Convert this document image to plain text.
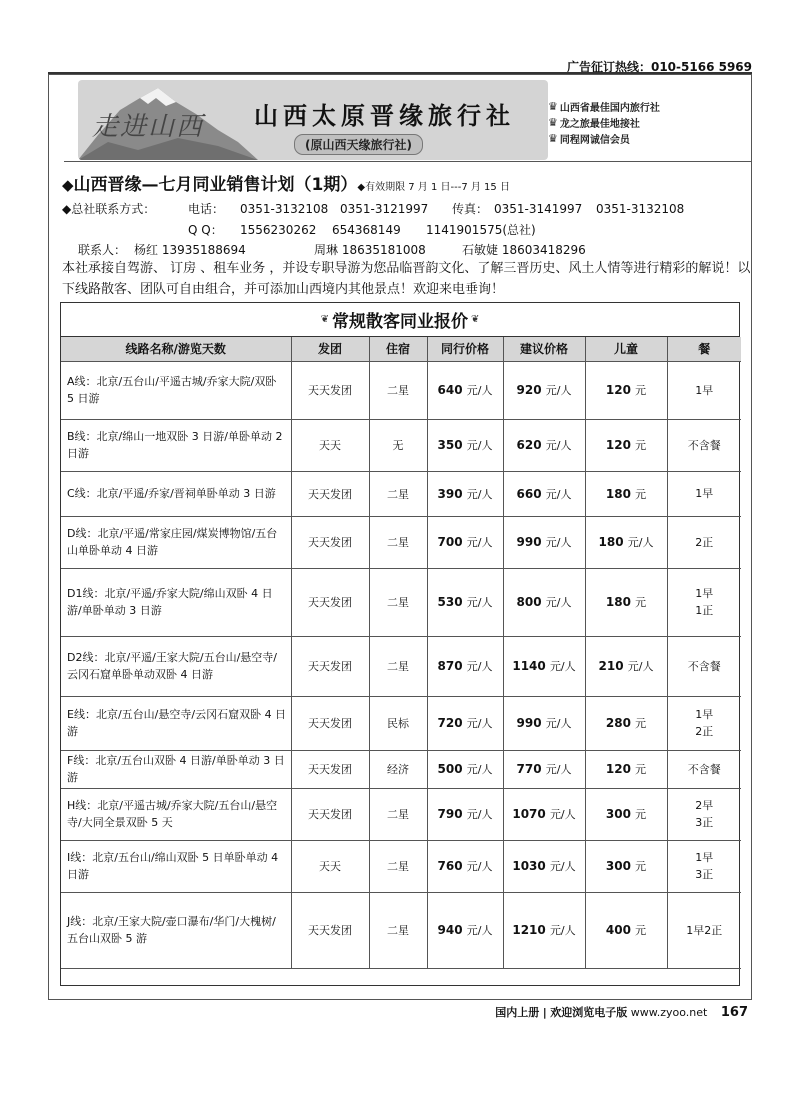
广告征订热线：010-5166 5969
走进山西 山西太原晋缘旅行社
(原山西天缘旅行社)
♛ 山西省最佳国内旅行社
♛ 龙之旅最佳地接社
♛ 同程网诚信会员
◆山西晋缘—七月同业销售计划（1期）◆有效期限 7 月 1 日---7 月 15 日
◆总社联系方式：	电话： 0351-3132108 0351-3121997 传真： 0351-3141997 0351-3132108
Q Q： 1556230262 654368149 1141901575(总社)
联系人： 杨红 13935188694	周琳 18635181008	石敏婕 18603418296
本社承接自驾游、 订房 、租车业务 ，并设专职导游为您品临晋韵文化、了解三晋历史、风土人情等进行精彩的解说！以下线路散客、团队可自由组合，并可添加山西境内其他景点！欢迎来电垂询！
❦ 常规散客同业报价 ❦
线路名称/游览天数	发团	住宿	同行价格	建议价格	儿童	餐
A线：北京/五台山/平遥古城/乔家大院/双卧 5 日游	天天发团	二星	640 元/人	920 元/人	120 元	1早

B线：北京/绵山一地双卧 3 日游/单卧单动 2 日游	天天	无	350 元/人	620 元/人	120 元	不含餐

C线：北京/平遥/乔家/晋祠单卧单动 3 日游	天天发团	二星	390 元/人	660 元/人	180 元	1早

D线：北京/平遥/常家庄园/煤炭博物馆/五台山单卧单动 4 日游	天天发团	二星	700 元/人	990 元/人	180 元/人	2正

D1线：北京/平遥/乔家大院/绵山双卧 4 日游/单卧单动 3 日游	天天发团	二星	530 元/人	800 元/人	180 元	1早
1正

D2线：北京/平遥/王家大院/五台山/悬空寺/云冈石窟单卧单动双卧 4 日游	天天发团	二星	870 元/人	1140 元/人	210 元/人	不含餐

E线：北京/五台山/悬空寺/云冈石窟双卧 4 日游	天天发团	民标	720 元/人	990 元/人	280 元	1早
2正

F线：北京/五台山双卧 4 日游/单卧单动 3 日游	天天发团	经济	500 元/人	770 元/人	120 元	不含餐

H线：北京/平遥古城/乔家大院/五台山/悬空寺/大同全景双卧 5 天	天天发团	二星	790 元/人	1070 元/人	300 元	2早
3正

I线：北京/五台山/绵山双卧 5 日单卧单动 4 日游	天天	二星	760 元/人	1030 元/人	300 元	1早
3正

J线：北京/王家大院/壶口瀑布/华门/大槐树/五台山双卧 5 游	天天发团	二星	940 元/人	1210 元/人	400 元	1早2正
国内上册 | 欢迎浏览电子版 www.zyoo.net 167
